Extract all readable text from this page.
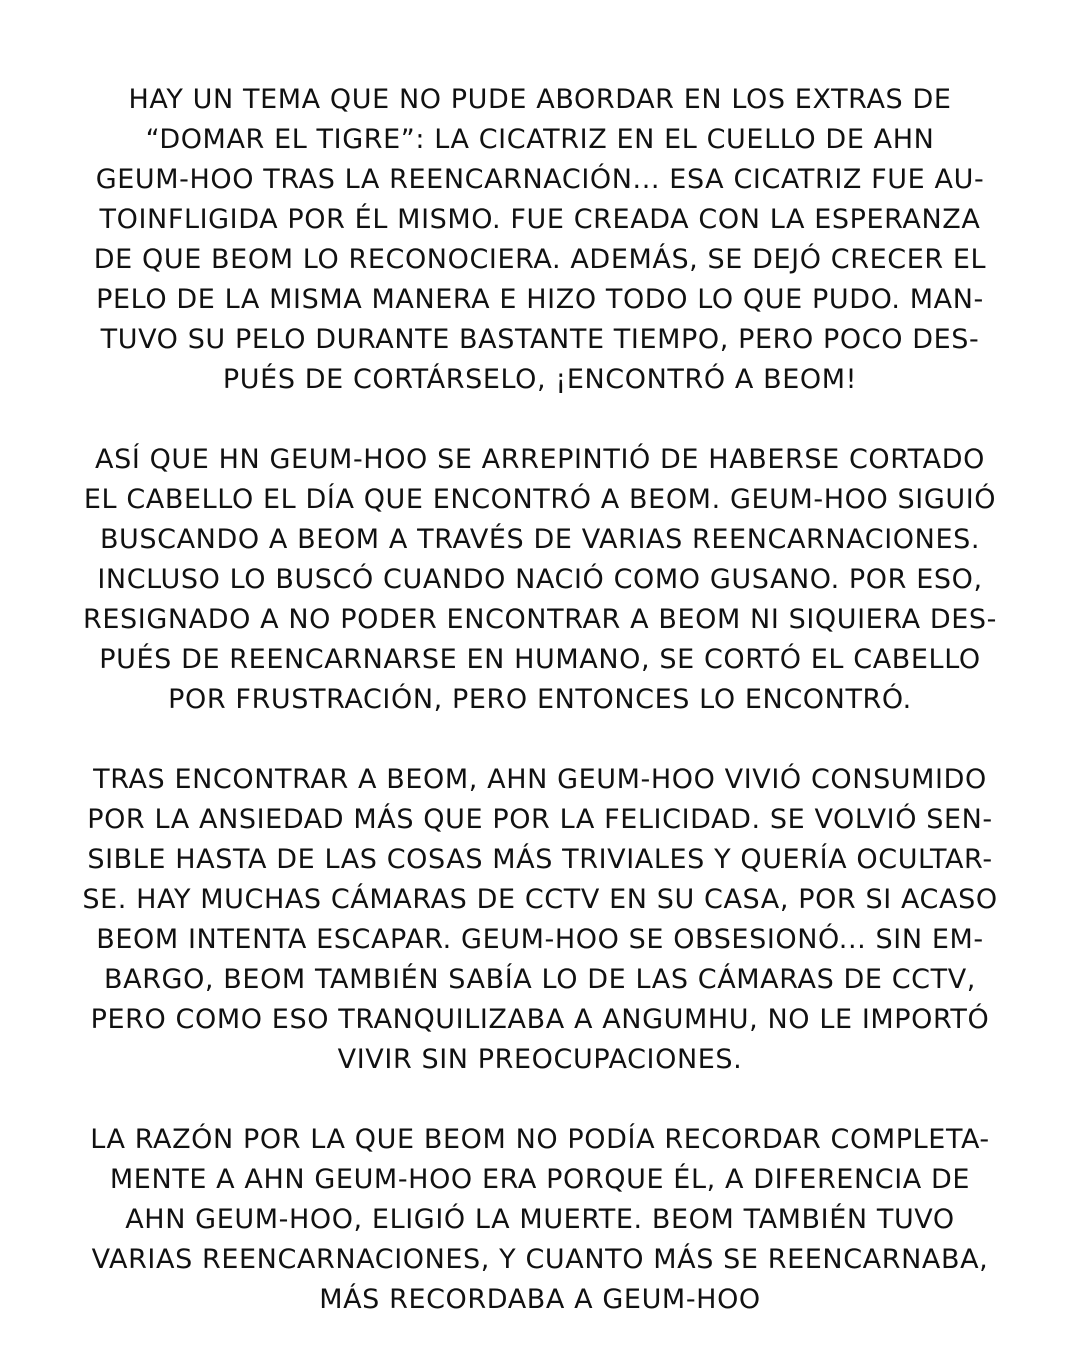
HAY UN TEMA QUE NO PUDE ABORDAR EN LOS EXTRAS DE
“DOMAR EL TIGRE”: LA CICATRIZ EN EL CUELLO DE AHN
GEUM-HOO TRAS LA REENCARNACIÓN... ESA CICATRIZ FUE AU-
TOINFLIGIDA POR ÉL MISMO. FUE CREADA CON LA ESPERANZA
DE QUE BEOM LO RECONOCIERA. ADEMÁS, SE DEJÓ CRECER EL
PELO DE LA MISMA MANERA E HIZO TODO LO QUE PUDO. MAN-
TUVO SU PELO DURANTE BASTANTE TIEMPO, PERO POCO DES-
PUÉS DE CORTÁRSELO, ¡ENCONTRÓ A BEOM!
ASÍ QUE HN GEUM-HOO SE ARREPINTIÓ DE HABERSE CORTADO
EL CABELLO EL DÍA QUE ENCONTRÓ A BEOM. GEUM-HOO SIGUIÓ
BUSCANDO A BEOM A TRAVÉS DE VARIAS REENCARNACIONES.
INCLUSO LO BUSCÓ CUANDO NACIÓ COMO GUSANO. POR ESO,
RESIGNADO A NO PODER ENCONTRAR A BEOM NI SIQUIERA DES-
PUÉS DE REENCARNARSE EN HUMANO, SE CORTÓ EL CABELLO
POR FRUSTRACIÓN, PERO ENTONCES LO ENCONTRÓ.
TRAS ENCONTRAR A BEOM, AHN GEUM-HOO VIVIÓ CONSUMIDO
POR LA ANSIEDAD MÁS QUE POR LA FELICIDAD. SE VOLVIÓ SEN-
SIBLE HASTA DE LAS COSAS MÁS TRIVIALES Y QUERÍA OCULTAR-
SE. HAY MUCHAS CÁMARAS DE CCTV EN SU CASA, POR SI ACASO
BEOM INTENTA ESCAPAR. GEUM-HOO SE OBSESIONÓ... SIN EM-
BARGO, BEOM TAMBIÉN SABÍA LO DE LAS CÁMARAS DE CCTV,
PERO COMO ESO TRANQUILIZABA A ANGUMHU, NO LE IMPORTÓ
VIVIR SIN PREOCUPACIONES.
LA RAZÓN POR LA QUE BEOM NO PODÍA RECORDAR COMPLETA-
MENTE A AHN GEUM-HOO ERA PORQUE ÉL, A DIFERENCIA DE
AHN GEUM-HOO, ELIGIÓ LA MUERTE. BEOM TAMBIÉN TUVO
VARIAS REENCARNACIONES, Y CUANTO MÁS SE REENCARNABA,
MÁS RECORDABA A GEUM-HOO
